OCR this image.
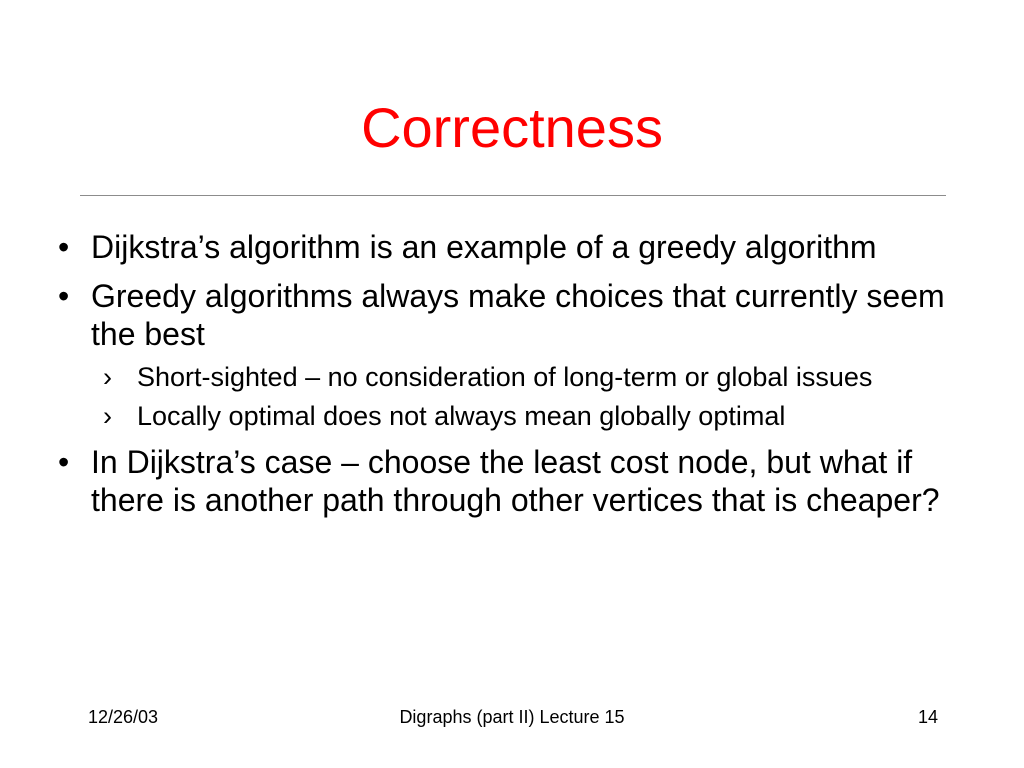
Correctness
• Dijkstra’s algorithm is an example of a greedy algorithm
• Greedy algorithms always make choices that currently seem the best
› Short-sighted – no consideration of long-term or global issues
› Locally optimal does not always mean globally optimal
• In Dijkstra’s case – choose the least cost node, but what if there is another path through other vertices that is cheaper?
12/26/03	Digraphs (part II) Lecture 15	14
